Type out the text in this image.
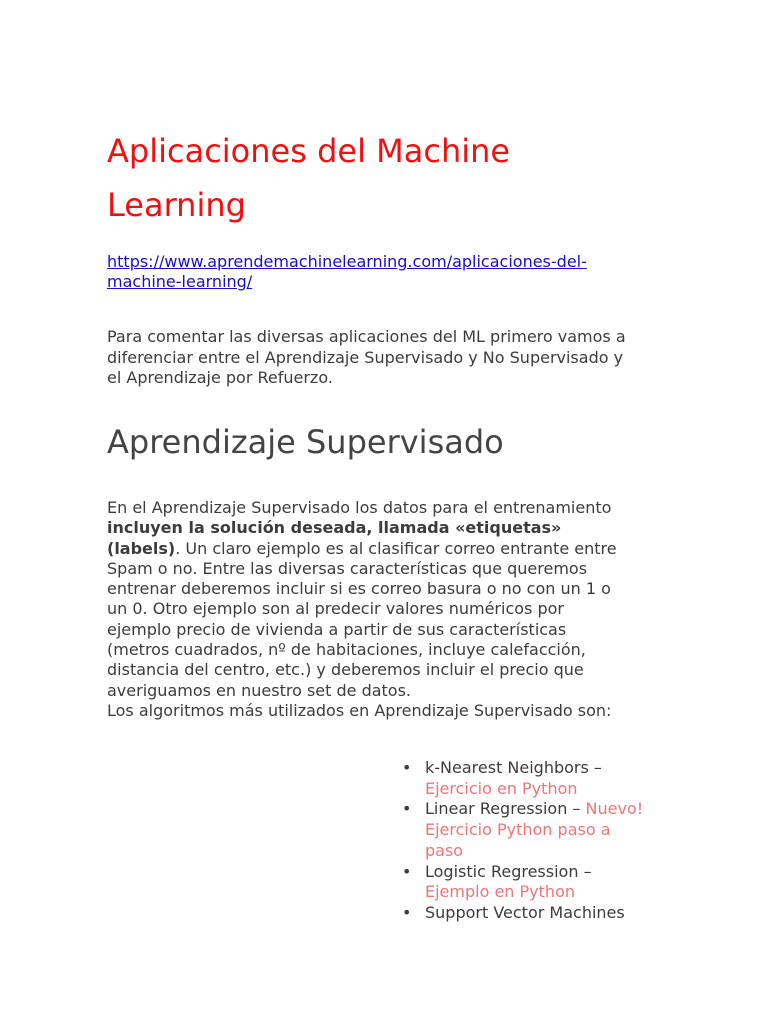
Aplicaciones del Machine
Learning
https://www.aprendemachinelearning.com/aplicaciones-del-
machine-learning/

Para comentar las diversas aplicaciones del ML primero vamos a
diferenciar entre el Aprendizaje Supervisado y No Supervisado y
el Aprendizaje por Refuerzo.

Aprendizaje Supervisado

En el Aprendizaje Supervisado los datos para el entrenamiento
incluyen la solución deseada, llamada «etiquetas»
(labels). Un claro ejemplo es al clasificar correo entrante entre
Spam o no. Entre las diversas características que queremos
entrenar deberemos incluir si es correo basura o no con un 1 o
un 0. Otro ejemplo son al predecir valores numéricos por
ejemplo precio de vivienda a partir de sus características
(metros cuadrados, nº de habitaciones, incluye calefacción,
distancia del centro, etc.) y deberemos incluir el precio que
averiguamos en nuestro set de datos.
Los algoritmos más utilizados en Aprendizaje Supervisado son:

• k-Nearest Neighbors –
Ejercicio en Python
• Linear Regression – Nuevo!
Ejercicio Python paso a
paso
• Logistic Regression –
Ejemplo en Python
• Support Vector Machines
